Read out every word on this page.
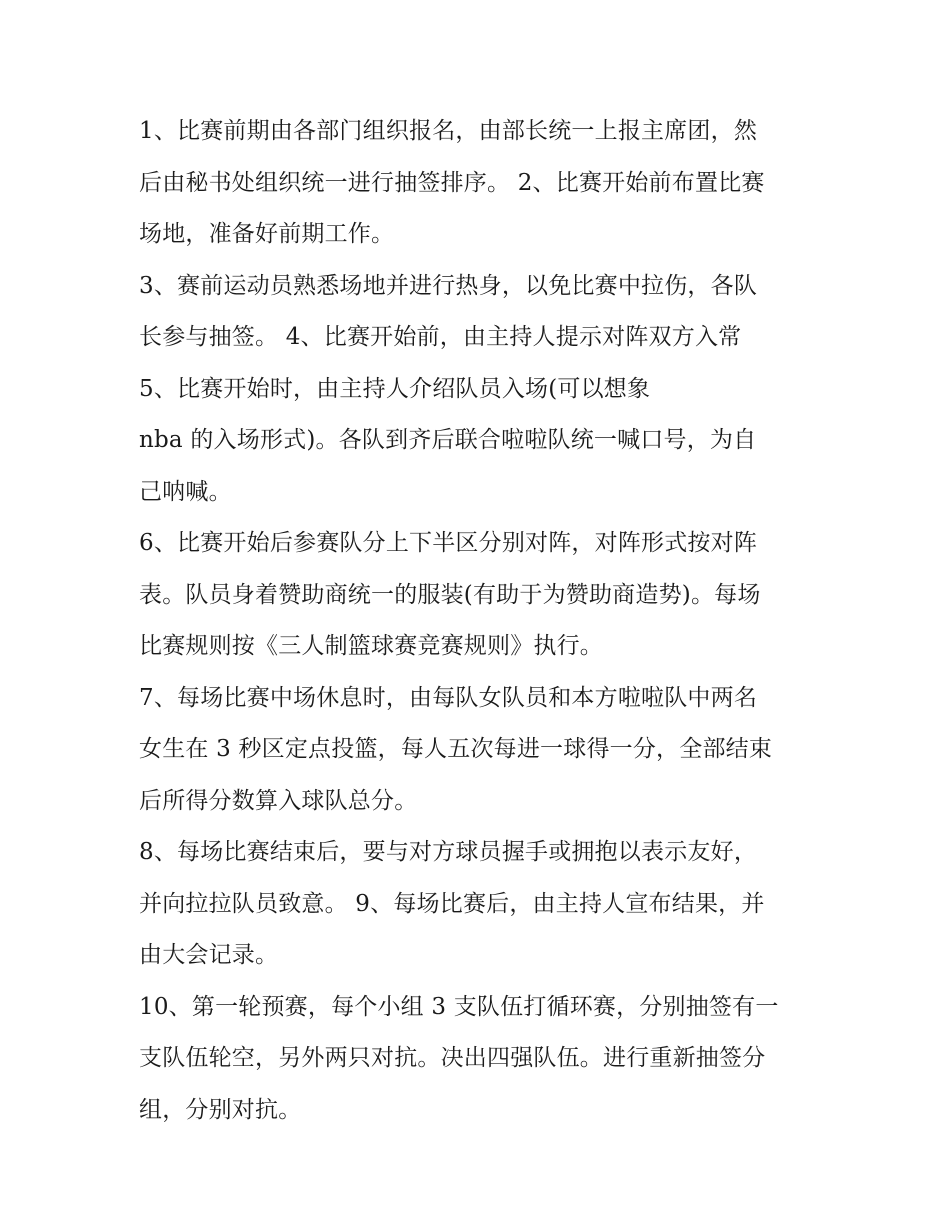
1、比赛前期由各部门组织报名，由部长统一上报主席团，然
后由秘书处组织统一进行抽签排序。 2、比赛开始前布置比赛
场地，准备好前期工作。
3、赛前运动员熟悉场地并进行热身，以免比赛中拉伤，各队
长参与抽签。 4、比赛开始前，由主持人提示对阵双方入常
5、比赛开始时，由主持人介绍队员入场(可以想象
nba 的入场形式)。各队到齐后联合啦啦队统一喊口号，为自
己呐喊。
6、比赛开始后参赛队分上下半区分别对阵，对阵形式按对阵
表。队员身着赞助商统一的服装(有助于为赞助商造势)。每场
比赛规则按《三人制篮球赛竞赛规则》执行。
7、每场比赛中场休息时，由每队女队员和本方啦啦队中两名
女生在 3 秒区定点投篮，每人五次每进一球得一分，全部结束
后所得分数算入球队总分。
8、每场比赛结束后，要与对方球员握手或拥抱以表示友好，
并向拉拉队员致意。 9、每场比赛后，由主持人宣布结果，并
由大会记录。
10、第一轮预赛，每个小组 3 支队伍打循环赛，分别抽签有一
支队伍轮空，另外两只对抗。决出四强队伍。进行重新抽签分
组，分别对抗。
